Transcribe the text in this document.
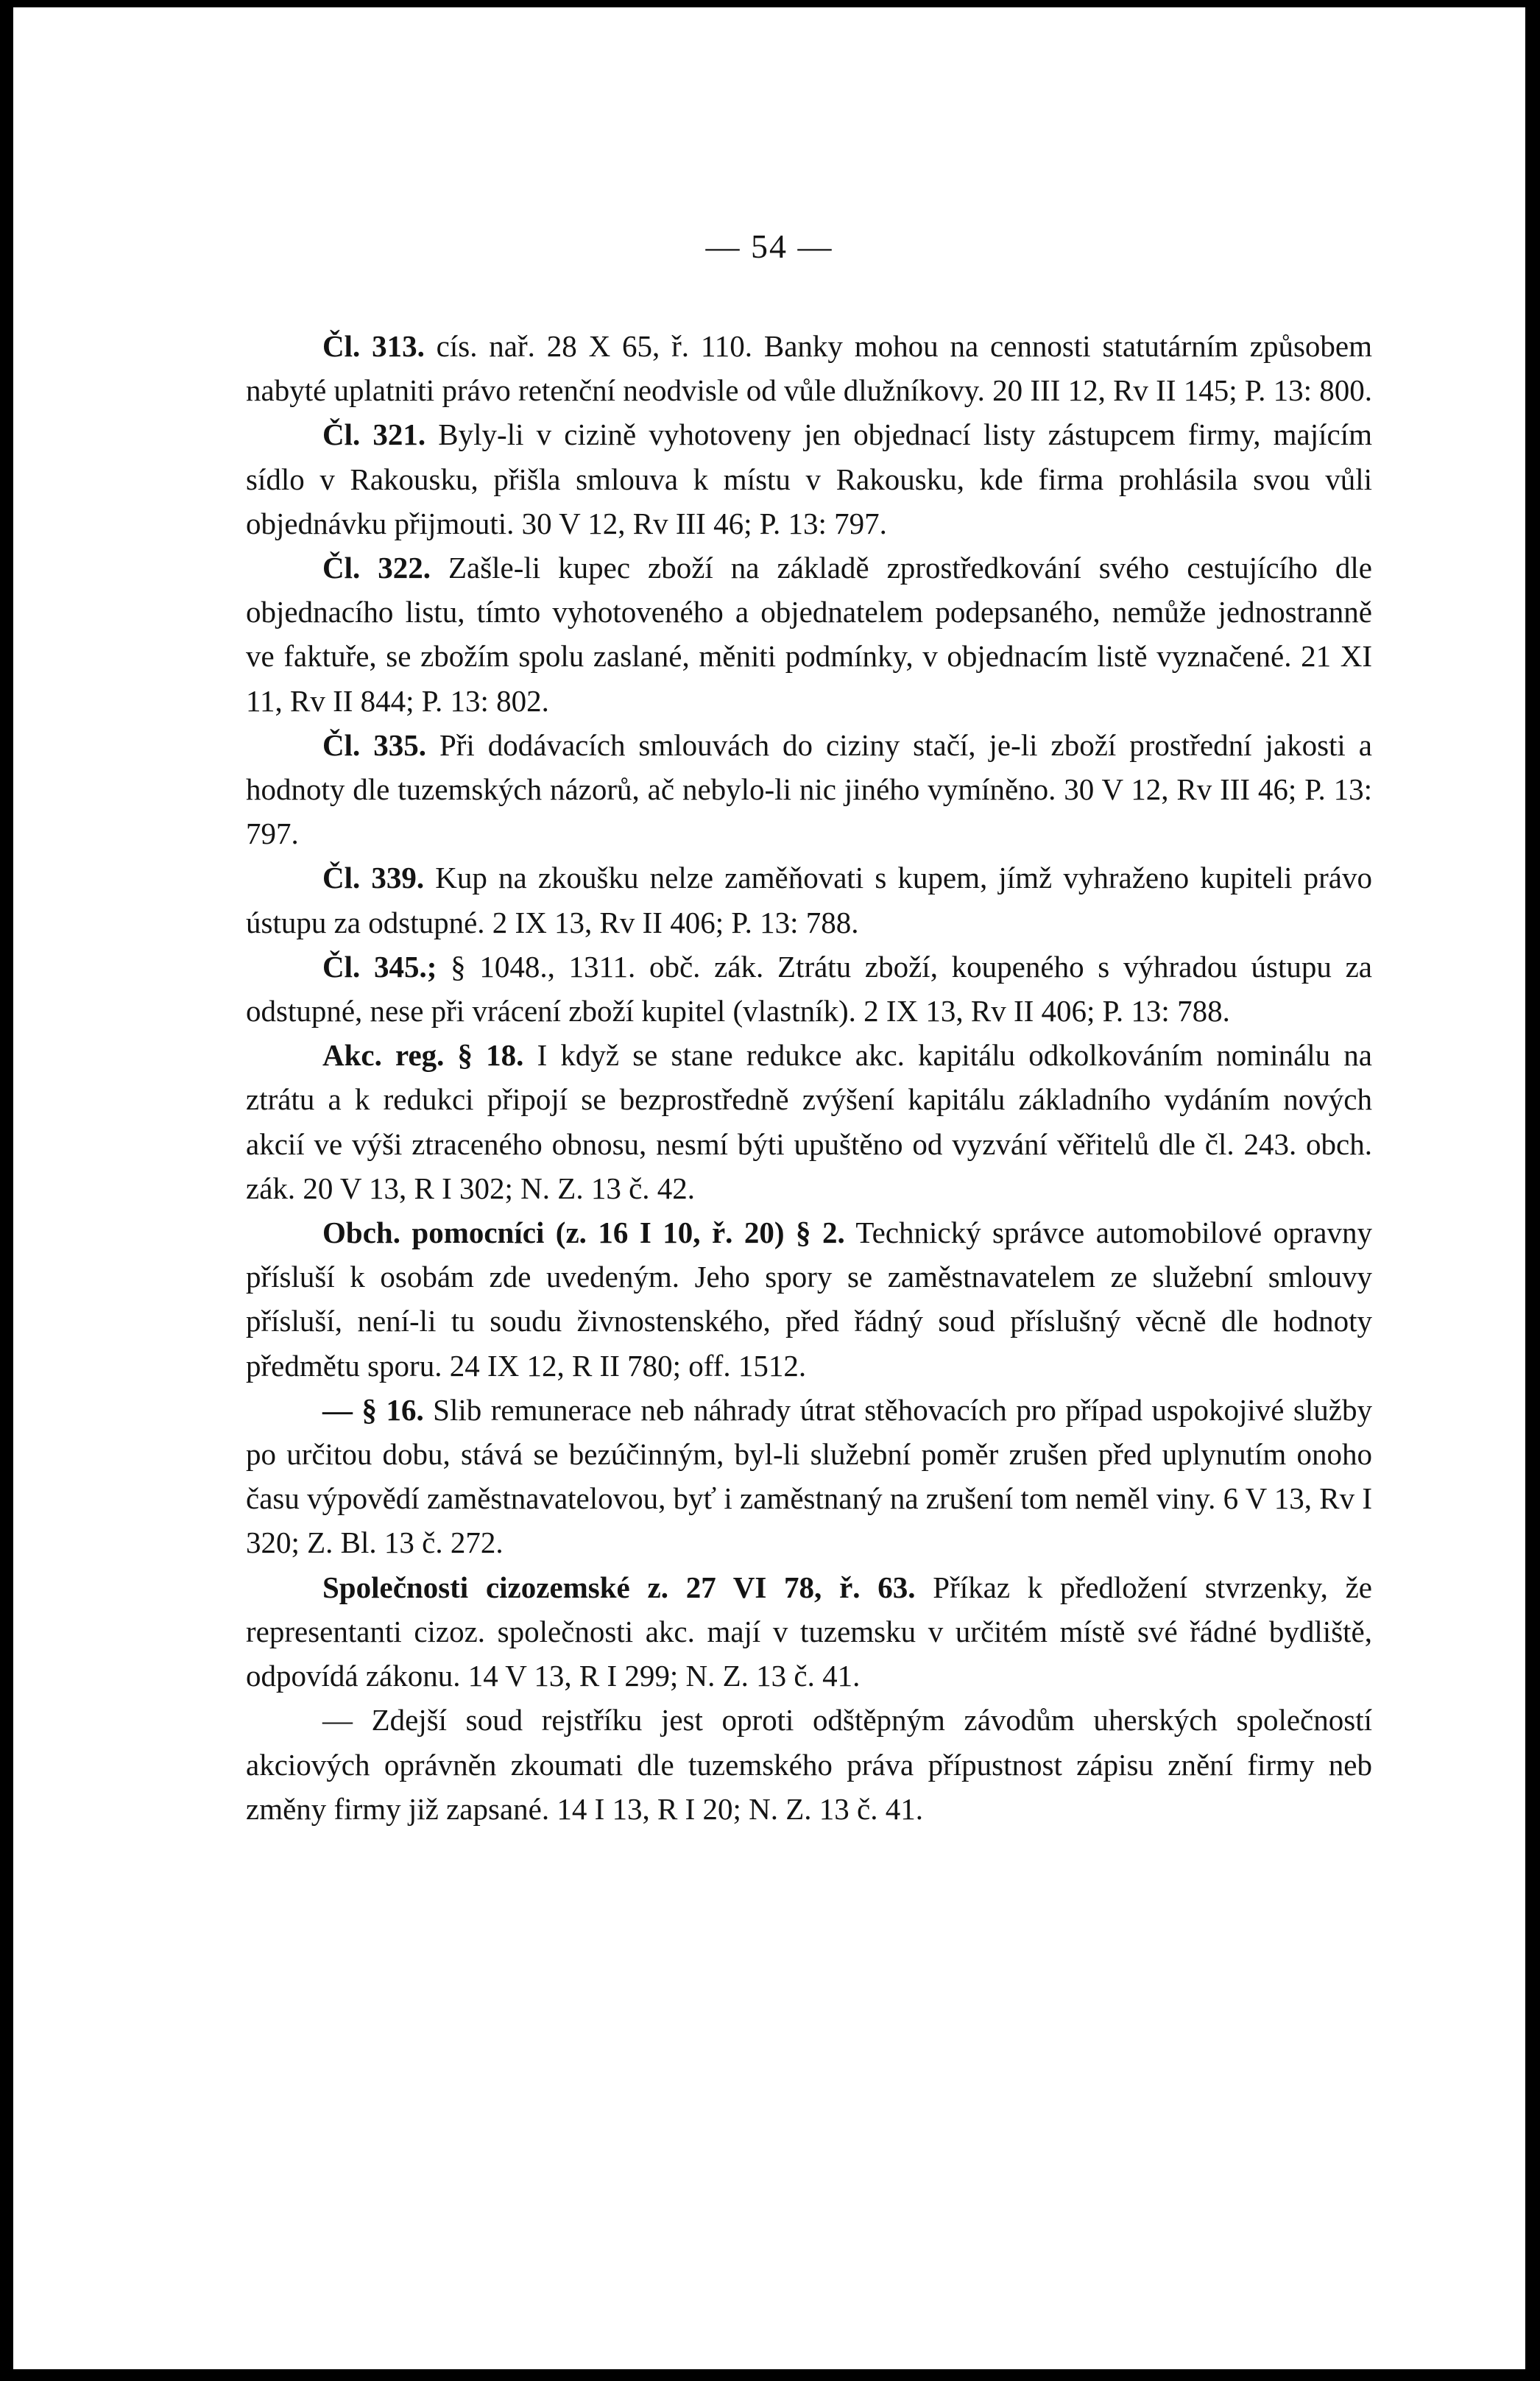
— 54 —

Čl. 313. cís. nař. 28 X 65, ř. 110. Banky mohou na cennosti statutárním způsobem nabyté uplatniti právo retenční neodvisle od vůle dlužníkovy. 20 III 12, Rv II 145; P. 13: 800.

Čl. 321. Byly-li v cizině vyhotoveny jen objednací listy zástupcem firmy, majícím sídlo v Rakousku, přišla smlouva k místu v Rakousku, kde firma prohlásila svou vůli objednávku přijmouti. 30 V 12, Rv III 46; P. 13: 797.

Čl. 322. Zašle-li kupec zboží na základě zprostředkování svého cestujícího dle objednacího listu, tímto vyhotoveného a objednatelem podepsaného, nemůže jednostranně ve faktuře, se zbožím spolu zaslané, měniti podmínky, v objednacím listě vyznačené. 21 XI 11, Rv II 844; P. 13: 802.

Čl. 335. Při dodávacích smlouvách do ciziny stačí, je-li zboží prostřední jakosti a hodnoty dle tuzemských názorů, ač nebylo-li nic jiného vymíněno. 30 V 12, Rv III 46; P. 13: 797.

Čl. 339. Kup na zkoušku nelze zaměňovati s kupem, jímž vyhraženo kupiteli právo ústupu za odstupné. 2 IX 13, Rv II 406; P. 13: 788.

Čl. 345.; § 1048., 1311. obč. zák. Ztrátu zboží, koupeného s výhradou ústupu za odstupné, nese při vrácení zboží kupitel (vlastník). 2 IX 13, Rv II 406; P. 13: 788.

Akc. reg. § 18. I když se stane redukce akc. kapitálu odkolkováním nominálu na ztrátu a k redukci připojí se bezprostředně zvýšení kapitálu základního vydáním nových akcií ve výši ztraceného obnosu, nesmí býti upuštěno od vyzvání věřitelů dle čl. 243. obch. zák. 20 V 13, R I 302; N. Z. 13 č. 42.

Obch. pomocníci (z. 16 I 10, ř. 20) § 2. Technický správce automobilové opravny přísluší k osobám zde uvedeným. Jeho spory se zaměstnavatelem ze služební smlouvy přísluší, není-li tu soudu živnostenského, před řádný soud příslušný věcně dle hodnoty předmětu sporu. 24 IX 12, R II 780; off. 1512.

— § 16. Slib remunerace neb náhrady útrat stěhovacích pro případ uspokojivé služby po určitou dobu, stává se bezúčinným, byl-li služební poměr zrušen před uplynutím onoho času výpovědí zaměstnavatelovou, byť i zaměstnaný na zrušení tom neměl viny. 6 V 13, Rv I 320; Z. Bl. 13 č. 272.

Společnosti cizozemské z. 27 VI 78, ř. 63. Příkaz k předložení stvrzenky, že representanti cizoz. společnosti akc. mají v tuzemsku v určitém místě své řádné bydliště, odpovídá zákonu. 14 V 13, R I 299; N. Z. 13 č. 41.

— Zdejší soud rejstříku jest oproti odštěpným závodům uherských společností akciových oprávněn zkoumati dle tuzemského práva přípustnost zápisu znění firmy neb změny firmy již zapsané. 14 I 13, R I 20; N. Z. 13 č. 41.
